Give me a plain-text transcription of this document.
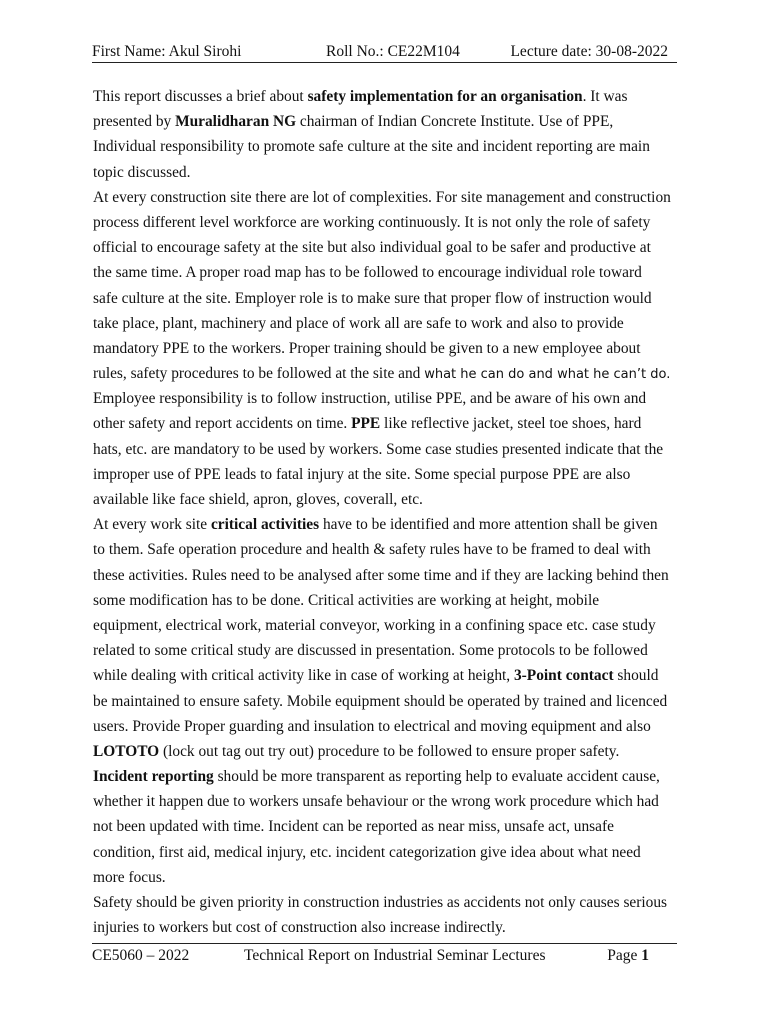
First Name: Akul Sirohi	Roll No.: CE22M104	Lecture date: 30-08-2022
This report discusses a brief about safety implementation for an organisation. It was
presented by Muralidharan NG chairman of Indian Concrete Institute. Use of PPE,
Individual responsibility to promote safe culture at the site and incident reporting are main
topic discussed.
At every construction site there are lot of complexities. For site management and construction
process different level workforce are working continuously. It is not only the role of safety
official to encourage safety at the site but also individual goal to be safer and productive at
the same time. A proper road map has to be followed to encourage individual role toward
safe culture at the site. Employer role is to make sure that proper flow of instruction would
take place, plant, machinery and place of work all are safe to work and also to provide
mandatory PPE to the workers. Proper training should be given to a new employee about
rules, safety procedures to be followed at the site and what he can do and what he can’t do.
Employee responsibility is to follow instruction, utilise PPE, and be aware of his own and
other safety and report accidents on time. PPE like reflective jacket, steel toe shoes, hard
hats, etc. are mandatory to be used by workers. Some case studies presented indicate that the
improper use of PPE leads to fatal injury at the site. Some special purpose PPE are also
available like face shield, apron, gloves, coverall, etc.
At every work site critical activities have to be identified and more attention shall be given
to them. Safe operation procedure and health & safety rules have to be framed to deal with
these activities. Rules need to be analysed after some time and if they are lacking behind then
some modification has to be done. Critical activities are working at height, mobile
equipment, electrical work, material conveyor, working in a confining space etc. case study
related to some critical study are discussed in presentation. Some protocols to be followed
while dealing with critical activity like in case of working at height, 3-Point contact should
be maintained to ensure safety. Mobile equipment should be operated by trained and licenced
users. Provide Proper guarding and insulation to electrical and moving equipment and also
LOTOTO (lock out tag out try out) procedure to be followed to ensure proper safety.
Incident reporting should be more transparent as reporting help to evaluate accident cause,
whether it happen due to workers unsafe behaviour or the wrong work procedure which had
not been updated with time. Incident can be reported as near miss, unsafe act, unsafe
condition, first aid, medical injury, etc. incident categorization give idea about what need
more focus.
Safety should be given priority in construction industries as accidents not only causes serious
injuries to workers but cost of construction also increase indirectly.
CE5060 – 2022	Technical Report on Industrial Seminar Lectures	Page 1
